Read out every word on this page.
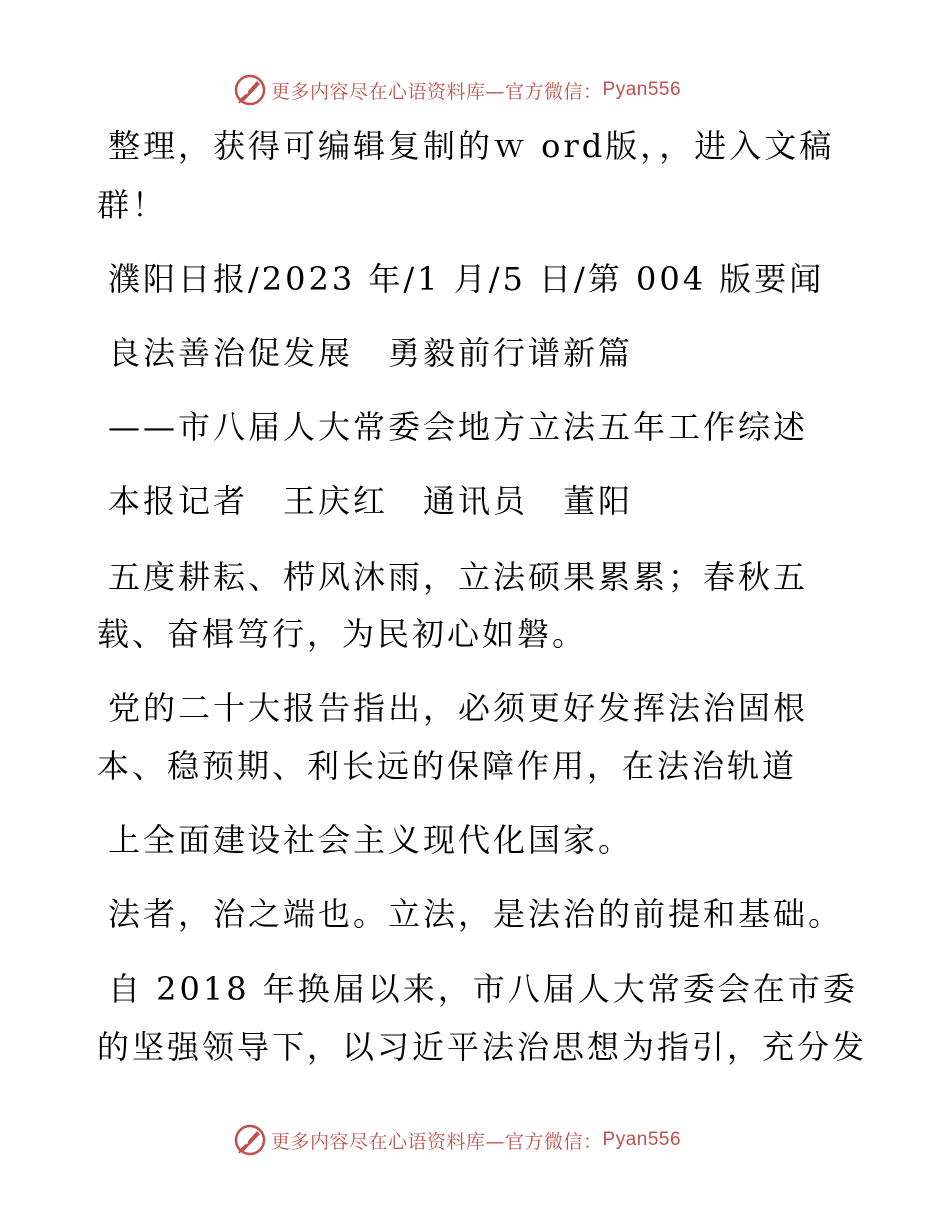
更多内容尽在心语资料库—官方微信： Pyan556
整理，获得可编辑复制的ｗ ord版，，进入文稿
群！
濮阳日报/2023 年/1 月/5 日/第 004 版要闻
良法善治促发展　勇毅前行谱新篇
——市八届人大常委会地方立法五年工作综述
本报记者　王庆红　通讯员　董阳
五度耕耘、栉风沐雨，立法硕果累累；春秋五
载、奋楫笃行，为民初心如磐。
党的二十大报告指出，必须更好发挥法治固根
本、稳预期、利长远的保障作用，在法治轨道
上全面建设社会主义现代化国家。
法者，治之端也。立法，是法治的前提和基础。
自 2018 年换届以来，市八届人大常委会在市委
的坚强领导下，以习近平法治思想为指引，充分发
更多内容尽在心语资料库—官方微信： Pyan556
